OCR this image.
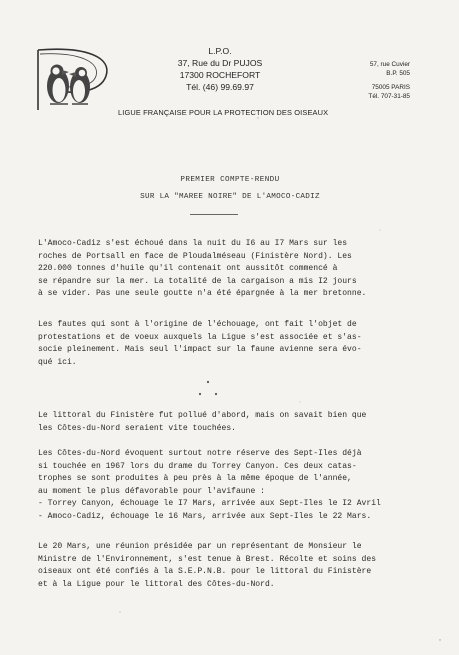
L.P.O.
37, Rue du Dr PUJOS
17300 ROCHEFORT
Tél. (46) 99.69.97
57, rue Cuvier
B.P. 505
75005 PARIS
Tél. 707-31-85
LIGUE FRANÇAISE POUR LA PROTECTION DES OISEAUX
PREMIER COMPTE-RENDU
SUR LA "MAREE NOIRE" DE L'AMOCO-CADIZ
L'Amoco-Cadiz s'est échoué dans la nuit du I6 au I7 Mars sur les
roches de Portsall en face de Ploudalméseau (Finistère Nord). Les
220.000 tonnes d'huile qu'il contenait ont aussitôt commencé à
se répandre sur la mer. La totalité de la cargaison a mis I2 jours
à se vider. Pas une seule goutte n'a été épargnée à la mer bretonne.
Les fautes qui sont à l'origine de l'échouage, ont fait l'objet de
protestations et de voeux auxquels la Ligue s'est associée et s'as-
socie pleinement. Mais seul l'impact sur la faune avienne sera évo-
qué ici.
Le littoral du Finistère fut pollué d'abord, mais on savait bien que
les Côtes-du-Nord seraient vite touchées.
Les Côtes-du-Nord évoquent surtout notre réserve des Sept-Iles déjà
si touchée en 1967 lors du drame du Torrey Canyon. Ces deux catas-
trophes se sont produites à peu près à la même époque de l'année,
au moment le plus défavorable pour l'avifaune :
- Torrey Canyon, échouage le I7 Mars, arrivée aux Sept-Iles le I2 Avril
- Amoco-Cadiz, échouage le 16 Mars, arrivée aux Sept-Iles le 22 Mars.
Le 20 Mars, une réunion présidée par un représentant de Monsieur le
Ministre de l'Environnement, s'est tenue à Brest. Récolte et soins des
oiseaux ont été confiés à la S.E.P.N.B. pour le littoral du Finistère
et à la Ligue pour le littoral des Côtes-du-Nord.
